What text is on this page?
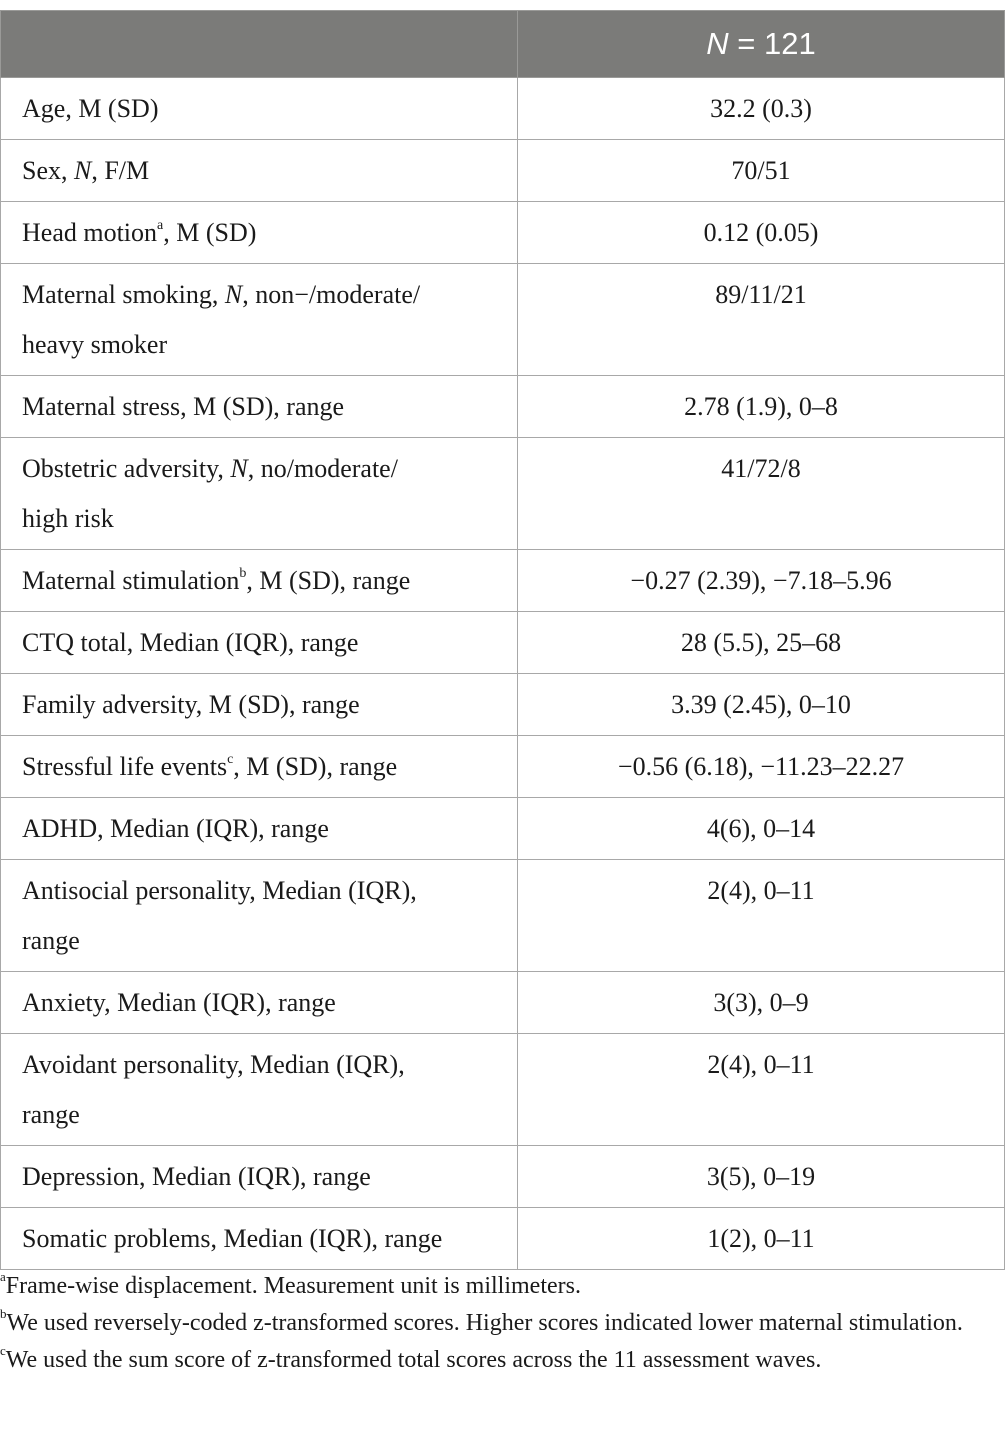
	N = 121
Age, M (SD)	32.2 (0.3)
Sex, N, F/M	70/51
Head motion$^a$, M (SD)	0.12 (0.05)
Maternal smoking, N, non−/moderate/
heavy smoker	89/11/21
Maternal stress, M (SD), range	2.78 (1.9), 0–8
Obstetric adversity, N, no/moderate/
high risk	41/72/8
Maternal stimulation$^b$, M (SD), range	−0.27 (2.39), −7.18–5.96
CTQ total, Median (IQR), range	28 (5.5), 25–68
Family adversity, M (SD), range	3.39 (2.45), 0–10
Stressful life events$^c$, M (SD), range	−0.56 (6.18), −11.23–22.27
ADHD, Median (IQR), range	4(6), 0–14
Antisocial personality, Median (IQR),
range	2(4), 0–11
Anxiety, Median (IQR), range	3(3), 0–9
Avoidant personality, Median (IQR),
range	2(4), 0–11
Depression, Median (IQR), range	3(5), 0–19
Somatic problems, Median (IQR), range	1(2), 0–11

$^a$Frame-wise displacement. Measurement unit is millimeters.

$^b$We used reversely-coded z-transformed scores. Higher scores indicated lower maternal stimulation.

$^c$We used the sum score of z-transformed total scores across the 11 assessment waves.
